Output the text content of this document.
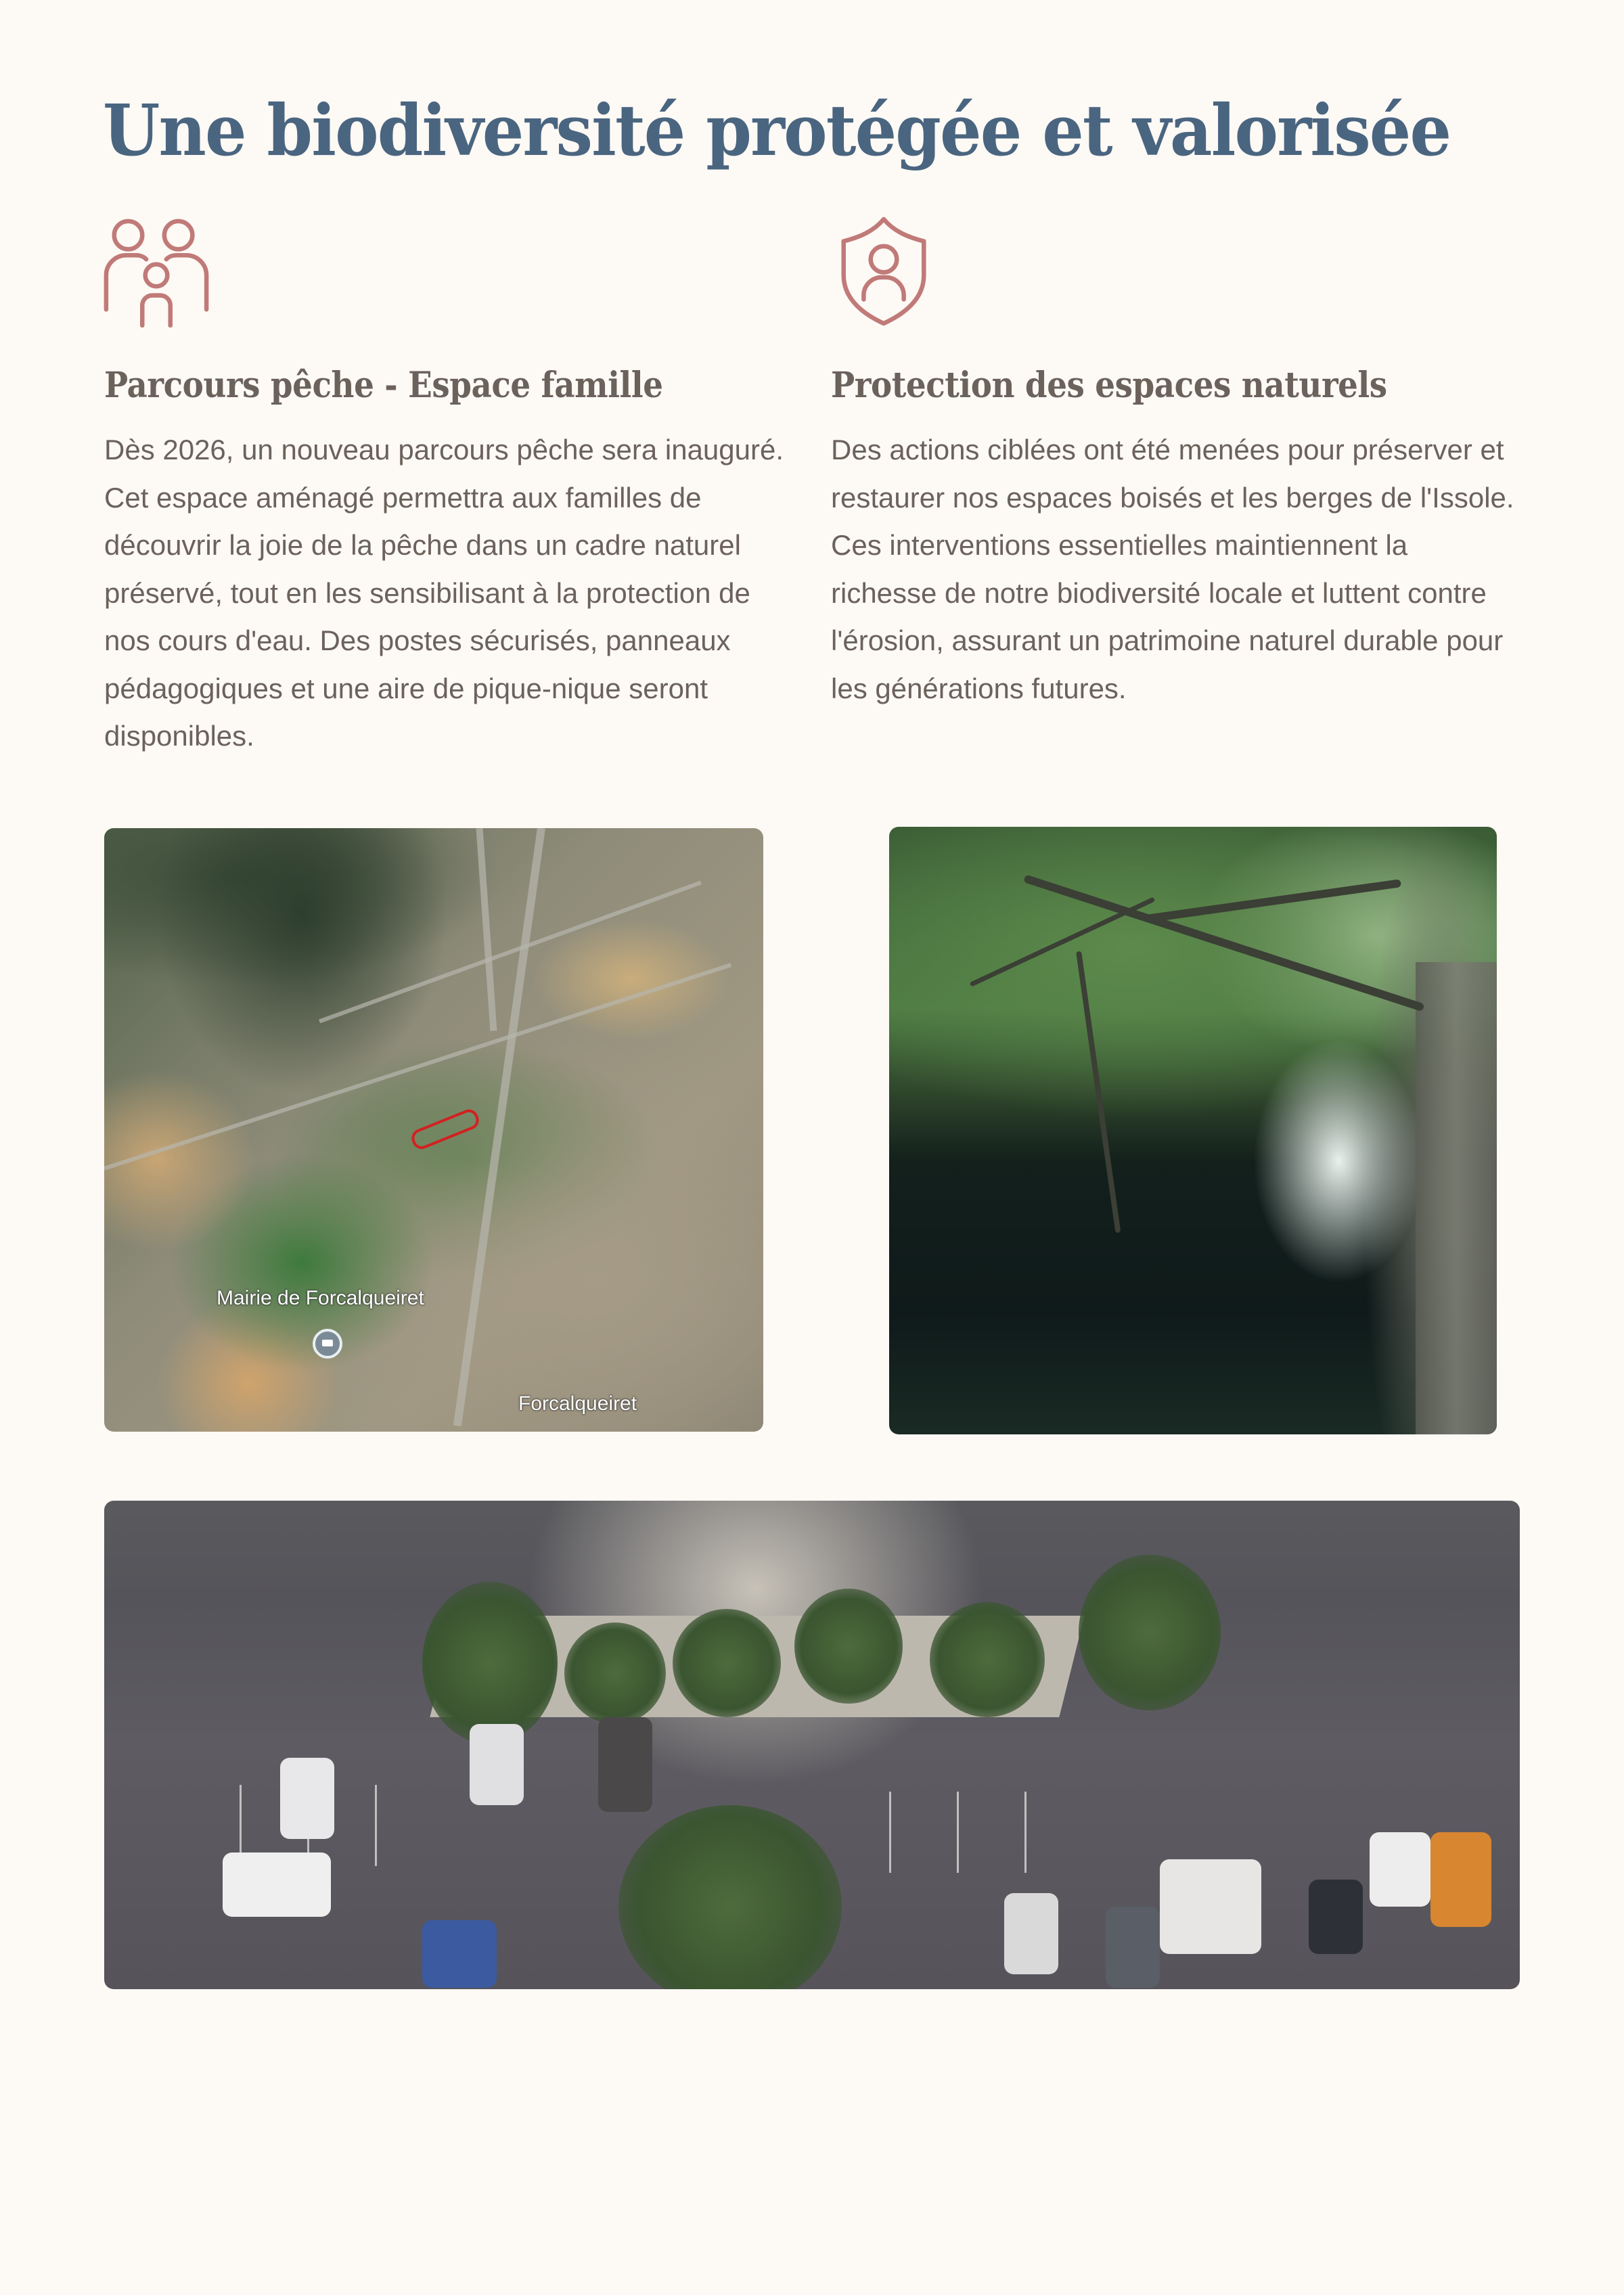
Une biodiversité protégée et valorisée
Parcours pêche - Espace famille	Protection des espaces naturels

Dès 2026, un nouveau parcours pêche sera inauguré. Cet espace aménagé permettra aux familles de découvrir la joie de la pêche dans un cadre naturel préservé, tout en les sensibilisant à la protection de nos cours d'eau. Des postes sécurisés, panneaux pédagogiques et une aire de pique-nique seront disponibles.

Des actions ciblées ont été menées pour préserver et restaurer nos espaces boisés et les berges de l'Issole. Ces interventions essentielles maintiennent la richesse de notre biodiversité locale et luttent contre l'érosion, assurant un patrimoine naturel durable pour les générations futures.

Mairie de Forcalqueiret
Forcalqueiret
